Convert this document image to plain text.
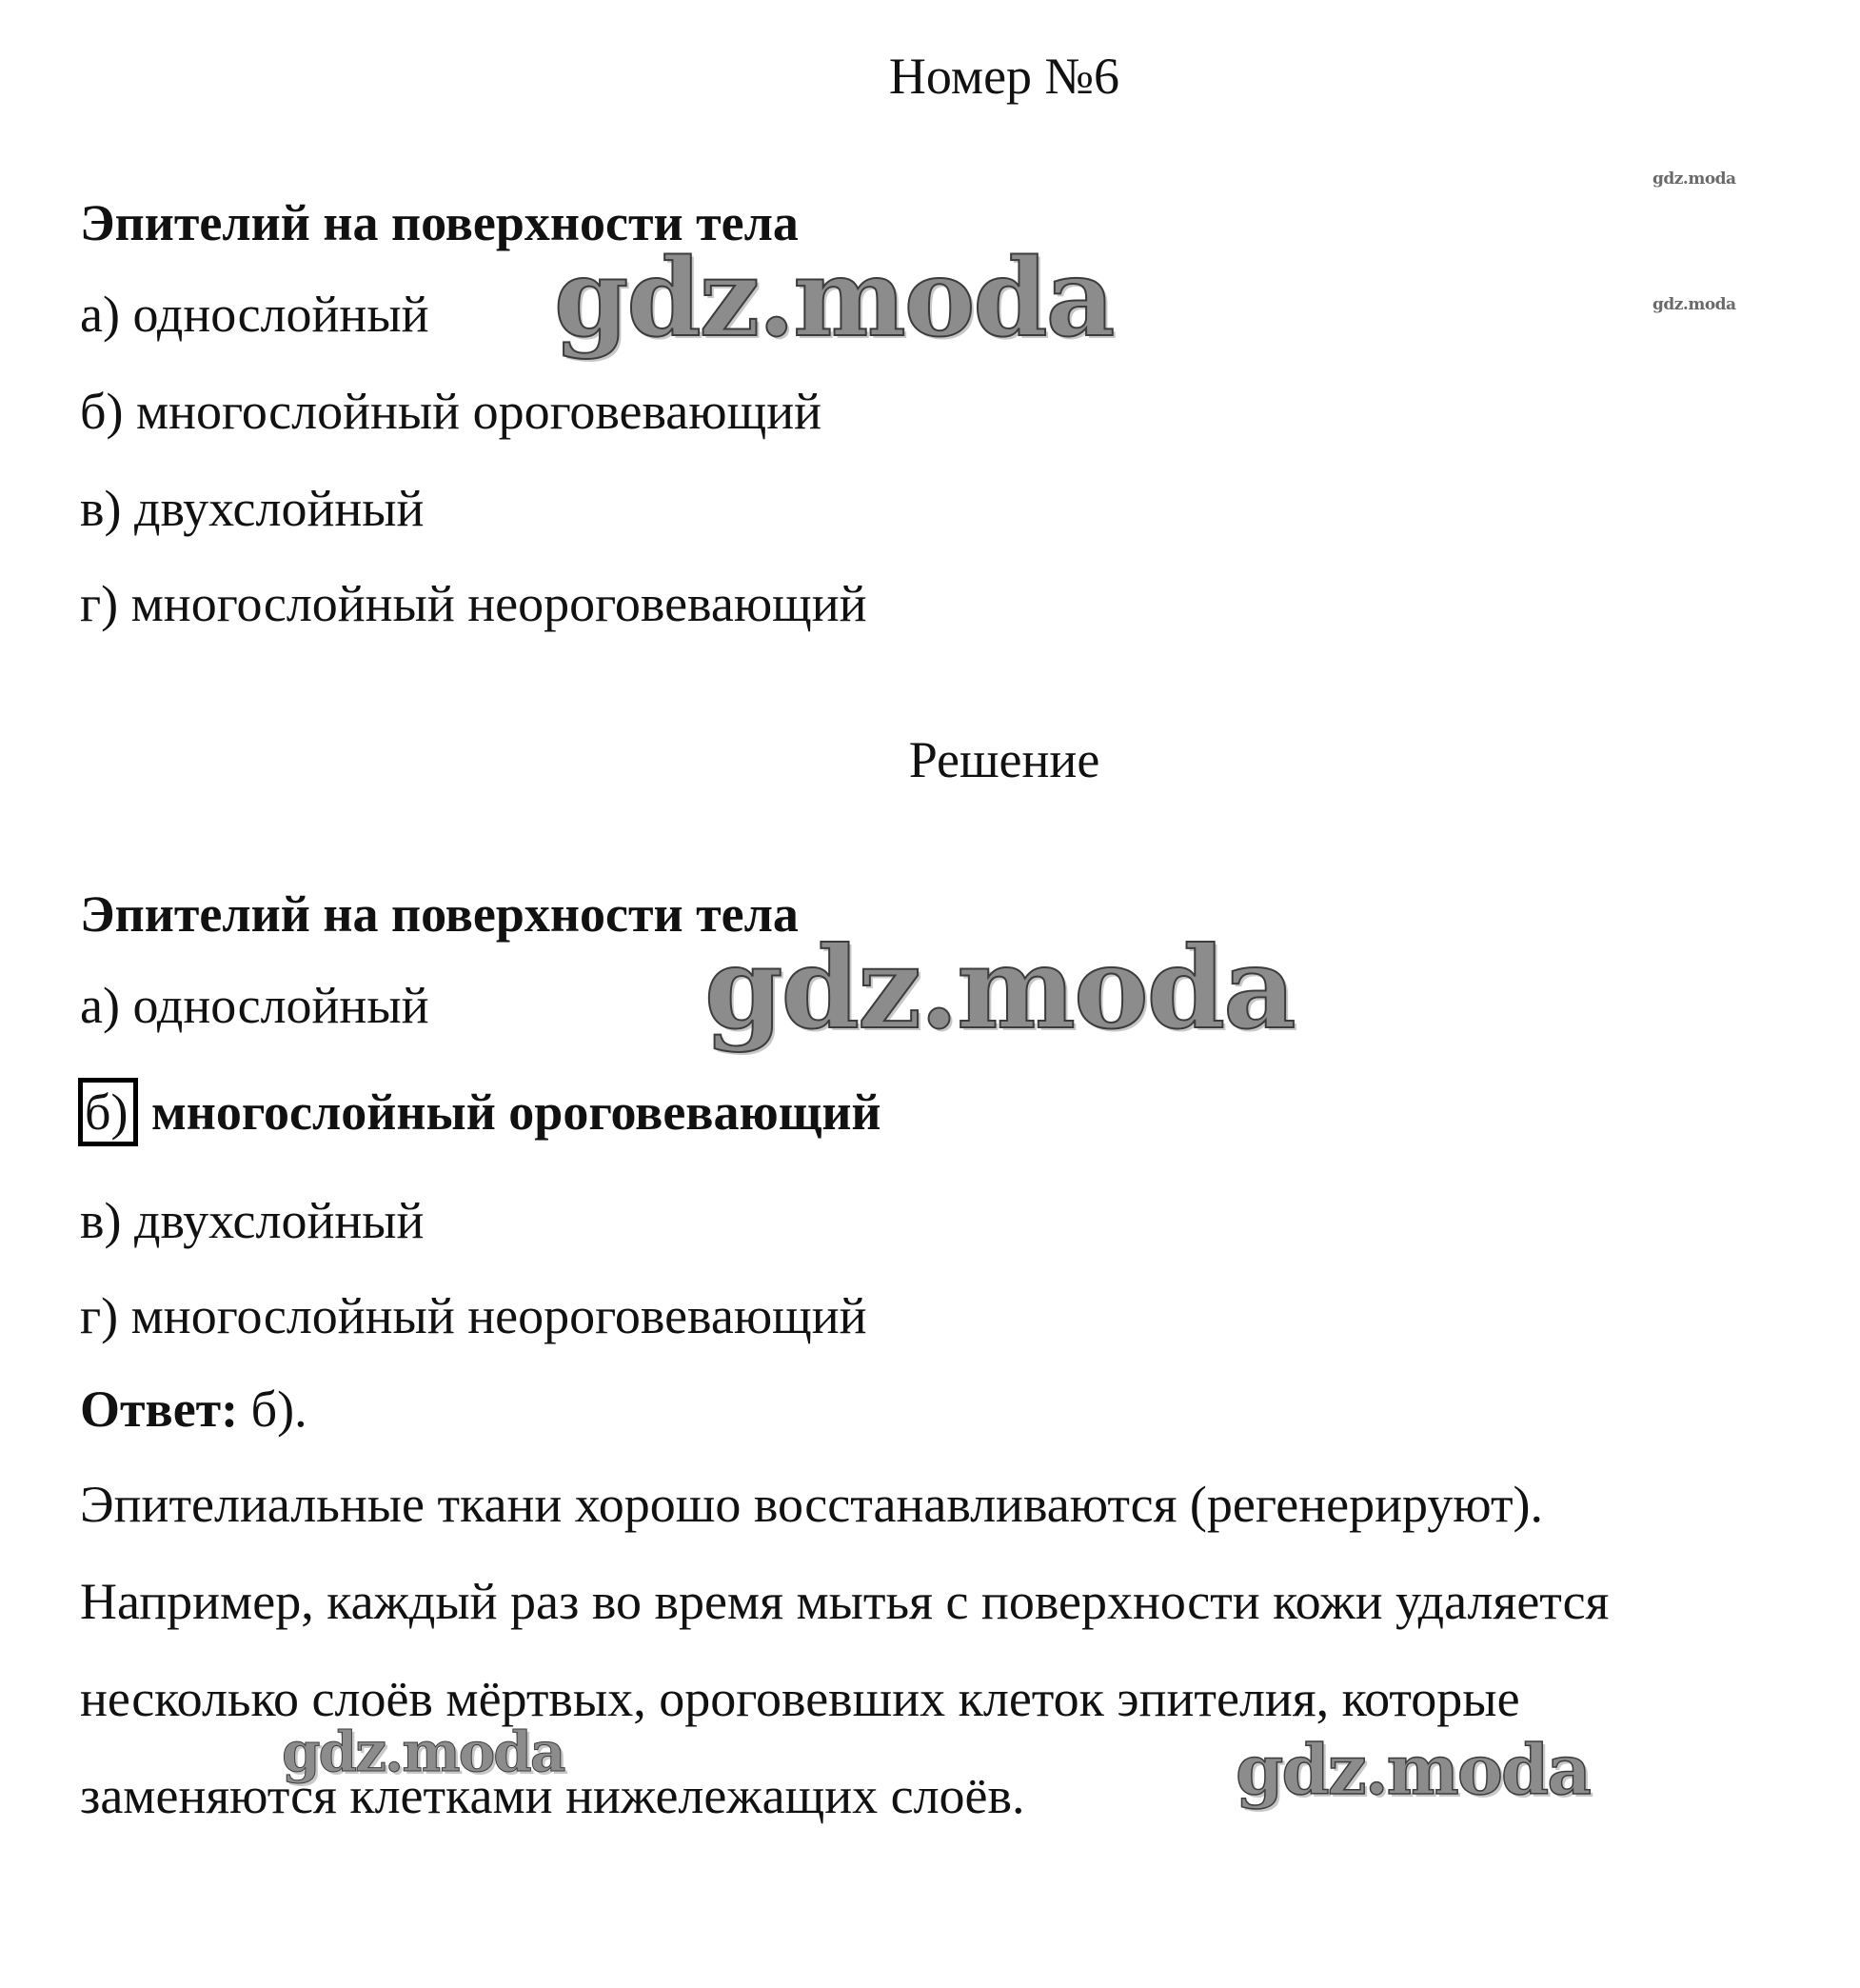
Номер №6
Эпителий на поверхности тела
а) однослойный
б) многослойный ороговевающий
в) двухслойный
г) многослойный неороговевающий
Решение
Эпителий на поверхности тела
а) однослойный
б) многослойный ороговевающий
в) двухслойный
г) многослойный неороговевающий
Ответ: б).
Эпителиальные ткани хорошо восстанавливаются (регенерируют).
Например, каждый раз во время мытья с поверхности кожи удаляется
несколько слоёв мёртвых, ороговевших клеток эпителия, которые
заменяются клетками нижележащих слоёв.
gdz.moda
gdz.moda
gdz.moda
gdz.moda
gdz.moda	gdz.moda
